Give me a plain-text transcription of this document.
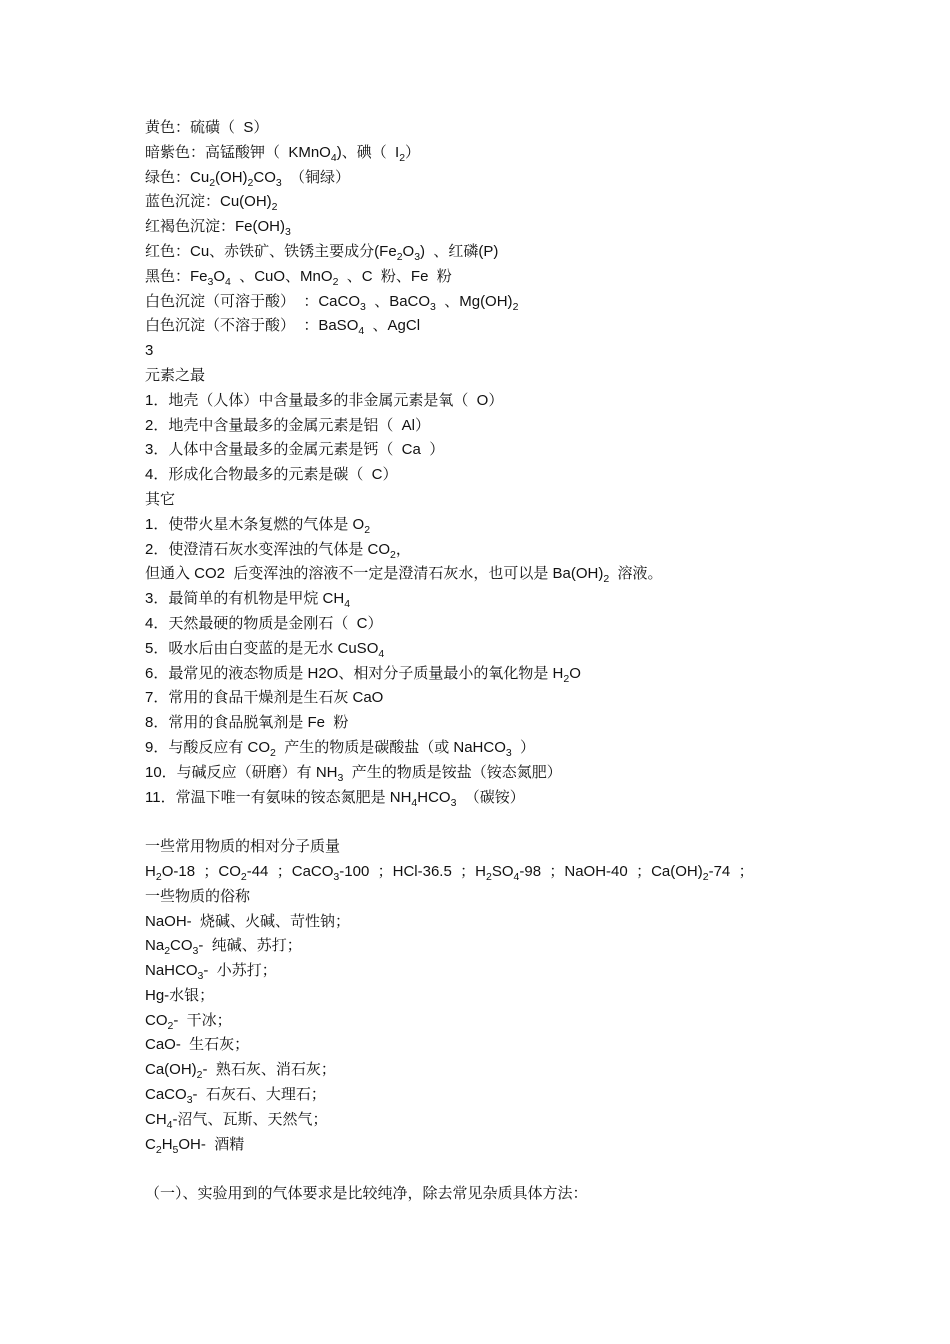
黄色：硫磺（  S）
暗紫色：高锰酸钾（  KMnO$_4$)、碘（  $I_2$）
绿色：$Cu_2(OH)_2CO_3$  （铜绿）
蓝色沉淀：$Cu(OH)_2$
红褐色沉淀：$Fe(OH)_3$
红色：Cu、赤铁矿、铁锈主要成分$(Fe_2O_3)$  、红磷(P)
黑色：$Fe_3O_4$  、CuO、MnO$_2$  、C  粉、Fe  粉
白色沉淀（可溶于酸）  ：CaCO$_3$  、BaCO$_3$  、$Mg(OH)_2$
白色沉淀（不溶于酸）  ：BaSO$_4$  、AgCl
3
元素之最
1．地壳（人体）中含量最多的非金属元素是氧（  O）
2．地壳中含量最多的金属元素是铝（  Al）
3．人体中含量最多的金属元素是钙（  Ca  ）
4．形成化合物最多的元素是碳（  C）
其它
1．使带火星木条复燃的气体是 $O_2$
2．使澄清石灰水变浑浊的气体是 $CO_2$，
但通入 CO2  后变浑浊的溶液不一定是澄清石灰水，也可以是 $Ba(OH)_2$  溶液。
3．最简单的有机物是甲烷 $CH_4$
4．天然最硬的物质是金刚石（  C）
5．吸水后由白变蓝的是无水 CuSO$_4$
6．最常见的液态物质是 H2O、相对分子质量最小的氧化物是 $H_2O$
7．常用的食品干燥剂是生石灰 CaO
8．常用的食品脱氧剂是 Fe  粉
9．与酸反应有 $CO_2$  产生的物质是碳酸盐（或 NaHCO$_3$  ）
10．与碱反应（研磨）有 $NH_3$  产生的物质是铵盐（铵态氮肥）
11．常温下唯一有氨味的铵态氮肥是 $NH_4HCO_3$  （碳铵）
一些常用物质的相对分子质量
$H_2O-18$  ；$CO_2-44$  ；CaCO$_3$-100  ；HCl-36.5  ；$H_2SO_4-98$  ；NaOH-40  ；$Ca(OH)_2-74$  ；
一些物质的俗称
NaOH-  烧碱、火碱、苛性钠；
$Na_2CO_3-$  纯碱、苏打；
NaHCO$_3$-  小苏打；
Hg-水银；
$CO_2-$  干冰；
CaO-  生石灰；
$Ca(OH)_2-$  熟石灰、消石灰；
CaCO$_3$-  石灰石、大理石；
$CH_4-$沼气、瓦斯、天然气；
$C_2H_5OH-$  酒精
（一）、实验用到的气体要求是比较纯净，除去常见杂质具体方法：
